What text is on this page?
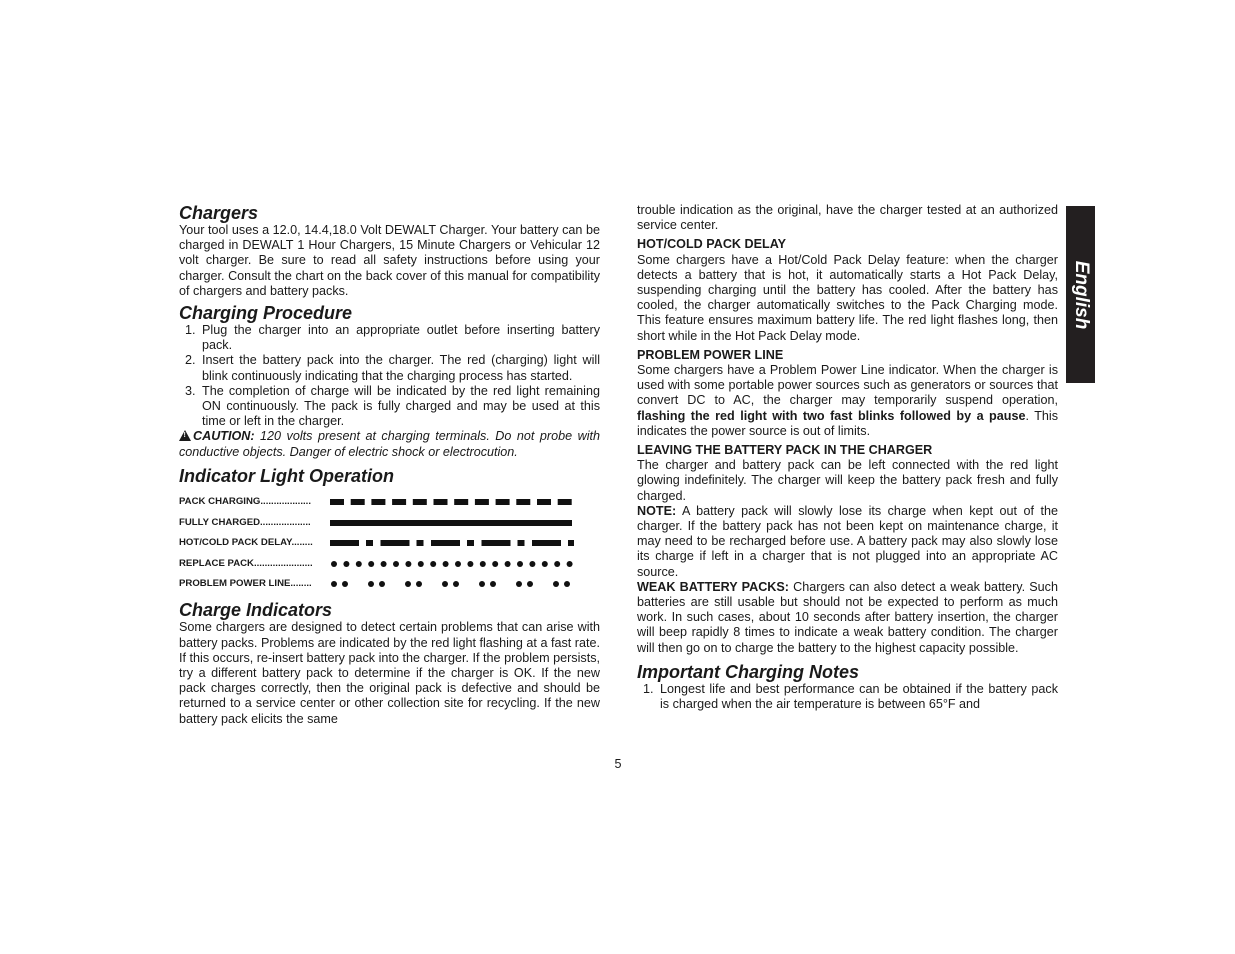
Chargers

Your tool uses a 12.0, 14.4,18.0 Volt DEWALT Charger. Your battery can be charged in DEWALT 1 Hour Chargers, 15 Minute Chargers or Vehicular 12 volt charger. Be sure to read all safety instructions before using your charger. Consult the chart on the back cover of this manual for compatibility of chargers and battery packs.

Charging Procedure
1. Plug the charger into an appropriate outlet before inserting battery pack.
2. Insert the battery pack into the charger. The red (charging) light will blink continuously indicating that the charging process has started.
3. The completion of charge will be indicated by the red light remaining ON continuously. The pack is fully charged and may be used at this time or left in the charger.

!CAUTION: 120 volts present at charging terminals. Do not probe with conductive objects. Danger of electric shock or electrocution.

Indicator Light Operation
PACK CHARGING...................
FULLY CHARGED...................
HOT/COLD PACK DELAY........
REPLACE PACK......................
PROBLEM POWER LINE........
Charge Indicators

Some chargers are designed to detect certain problems that can arise with battery packs. Problems are indicated by the red light flashing at a fast rate. If this occurs, re-insert battery pack into the charger. If the problem persists, try a different battery pack to determine if the charger is OK. If the new pack charges correctly, then the original pack is defective and should be returned to a service center or other collection site for recycling. If the new battery pack elicits the same

trouble indication as the original, have the charger tested at an authorized service center.

HOT/COLD PACK DELAY

Some chargers have a Hot/Cold Pack Delay feature: when the charger detects a battery that is hot, it automatically starts a Hot Pack Delay, suspending charging until the battery has cooled. After the battery has cooled, the charger automatically switches to the Pack Charging mode. This feature ensures maximum battery life. The red light flashes long, then short while in the Hot Pack Delay mode.

PROBLEM POWER LINE

Some chargers have a Problem Power Line indicator. When the charger is used with some portable power sources such as generators or sources that convert DC to AC, the charger may temporarily suspend operation, flashing the red light with two fast blinks followed by a pause. This indicates the power source is out of limits.

LEAVING THE BATTERY PACK IN THE CHARGER

The charger and battery pack can be left connected with the red light glowing indefinitely. The charger will keep the battery pack fresh and fully charged.

NOTE: A battery pack will slowly lose its charge when kept out of the charger. If the battery pack has not been kept on maintenance charge, it may need to be recharged before use. A battery pack may also slowly lose its charge if left in a charger that is not plugged into an appropriate AC source.

WEAK BATTERY PACKS: Chargers can also detect a weak battery. Such batteries are still usable but should not be expected to perform as much work. In such cases, about 10 seconds after battery insertion, the charger will beep rapidly 8 times to indicate a weak battery condition. The charger will then go on to charge the battery to the highest capacity possible.

Important Charging Notes
1. Longest life and best performance can be obtained if the battery pack is charged when the air temperature is between 65°F and
English
5
